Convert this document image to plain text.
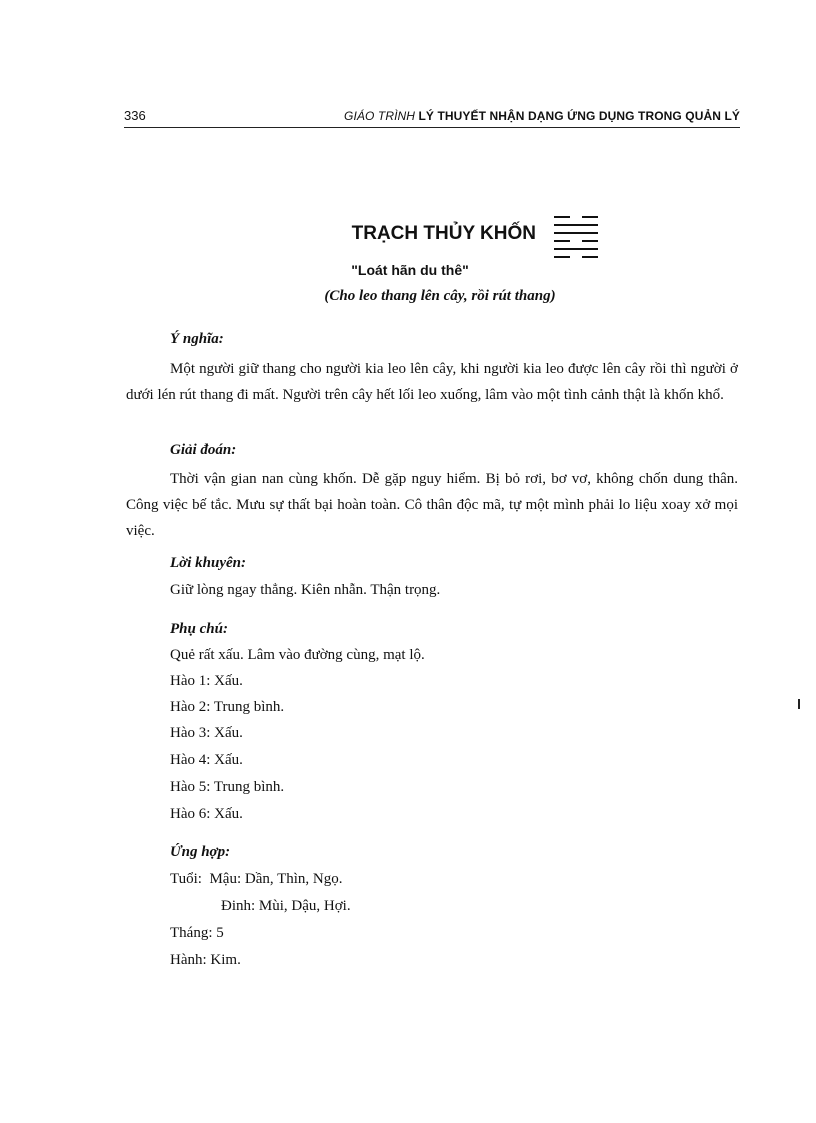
336	GIÁO TRÌNH LÝ THUYẾT NHẬN DẠNG ỨNG DỤNG TRONG QUẢN LÝ
TRẠCH THỦY KHỐN
"Loát hãn du thê"
(Cho leo thang lên cây, rồi rút thang)
Ý nghĩa:
Một người giữ thang cho người kia leo lên cây, khi người kia leo được lên cây rồi thì người ở dưới lén rút thang đi mất. Người trên cây hết lối leo xuống, lâm vào một tình cảnh thật là khốn khổ.
Giải đoán:
Thời vận gian nan cùng khốn. Dễ gặp nguy hiểm. Bị bỏ rơi, bơ vơ, không chốn dung thân. Công việc bế tắc. Mưu sự thất bại hoàn toàn. Cô thân độc mã, tự một mình phải lo liệu xoay xở mọi việc.
Lời khuyên:
Giữ lòng ngay thẳng. Kiên nhẫn. Thận trọng.
Phụ chú:
Quẻ rất xấu. Lâm vào đường cùng, mạt lộ.
Hào 1: Xấu.
Hào 2: Trung bình.
Hào 3: Xấu.
Hào 4: Xấu.
Hào 5: Trung bình.
Hào 6: Xấu.
Ứng hợp:
Tuổi:  Mậu: Dần, Thìn, Ngọ.
Đinh: Mùi, Dậu, Hợi.
Tháng: 5
Hành: Kim.
